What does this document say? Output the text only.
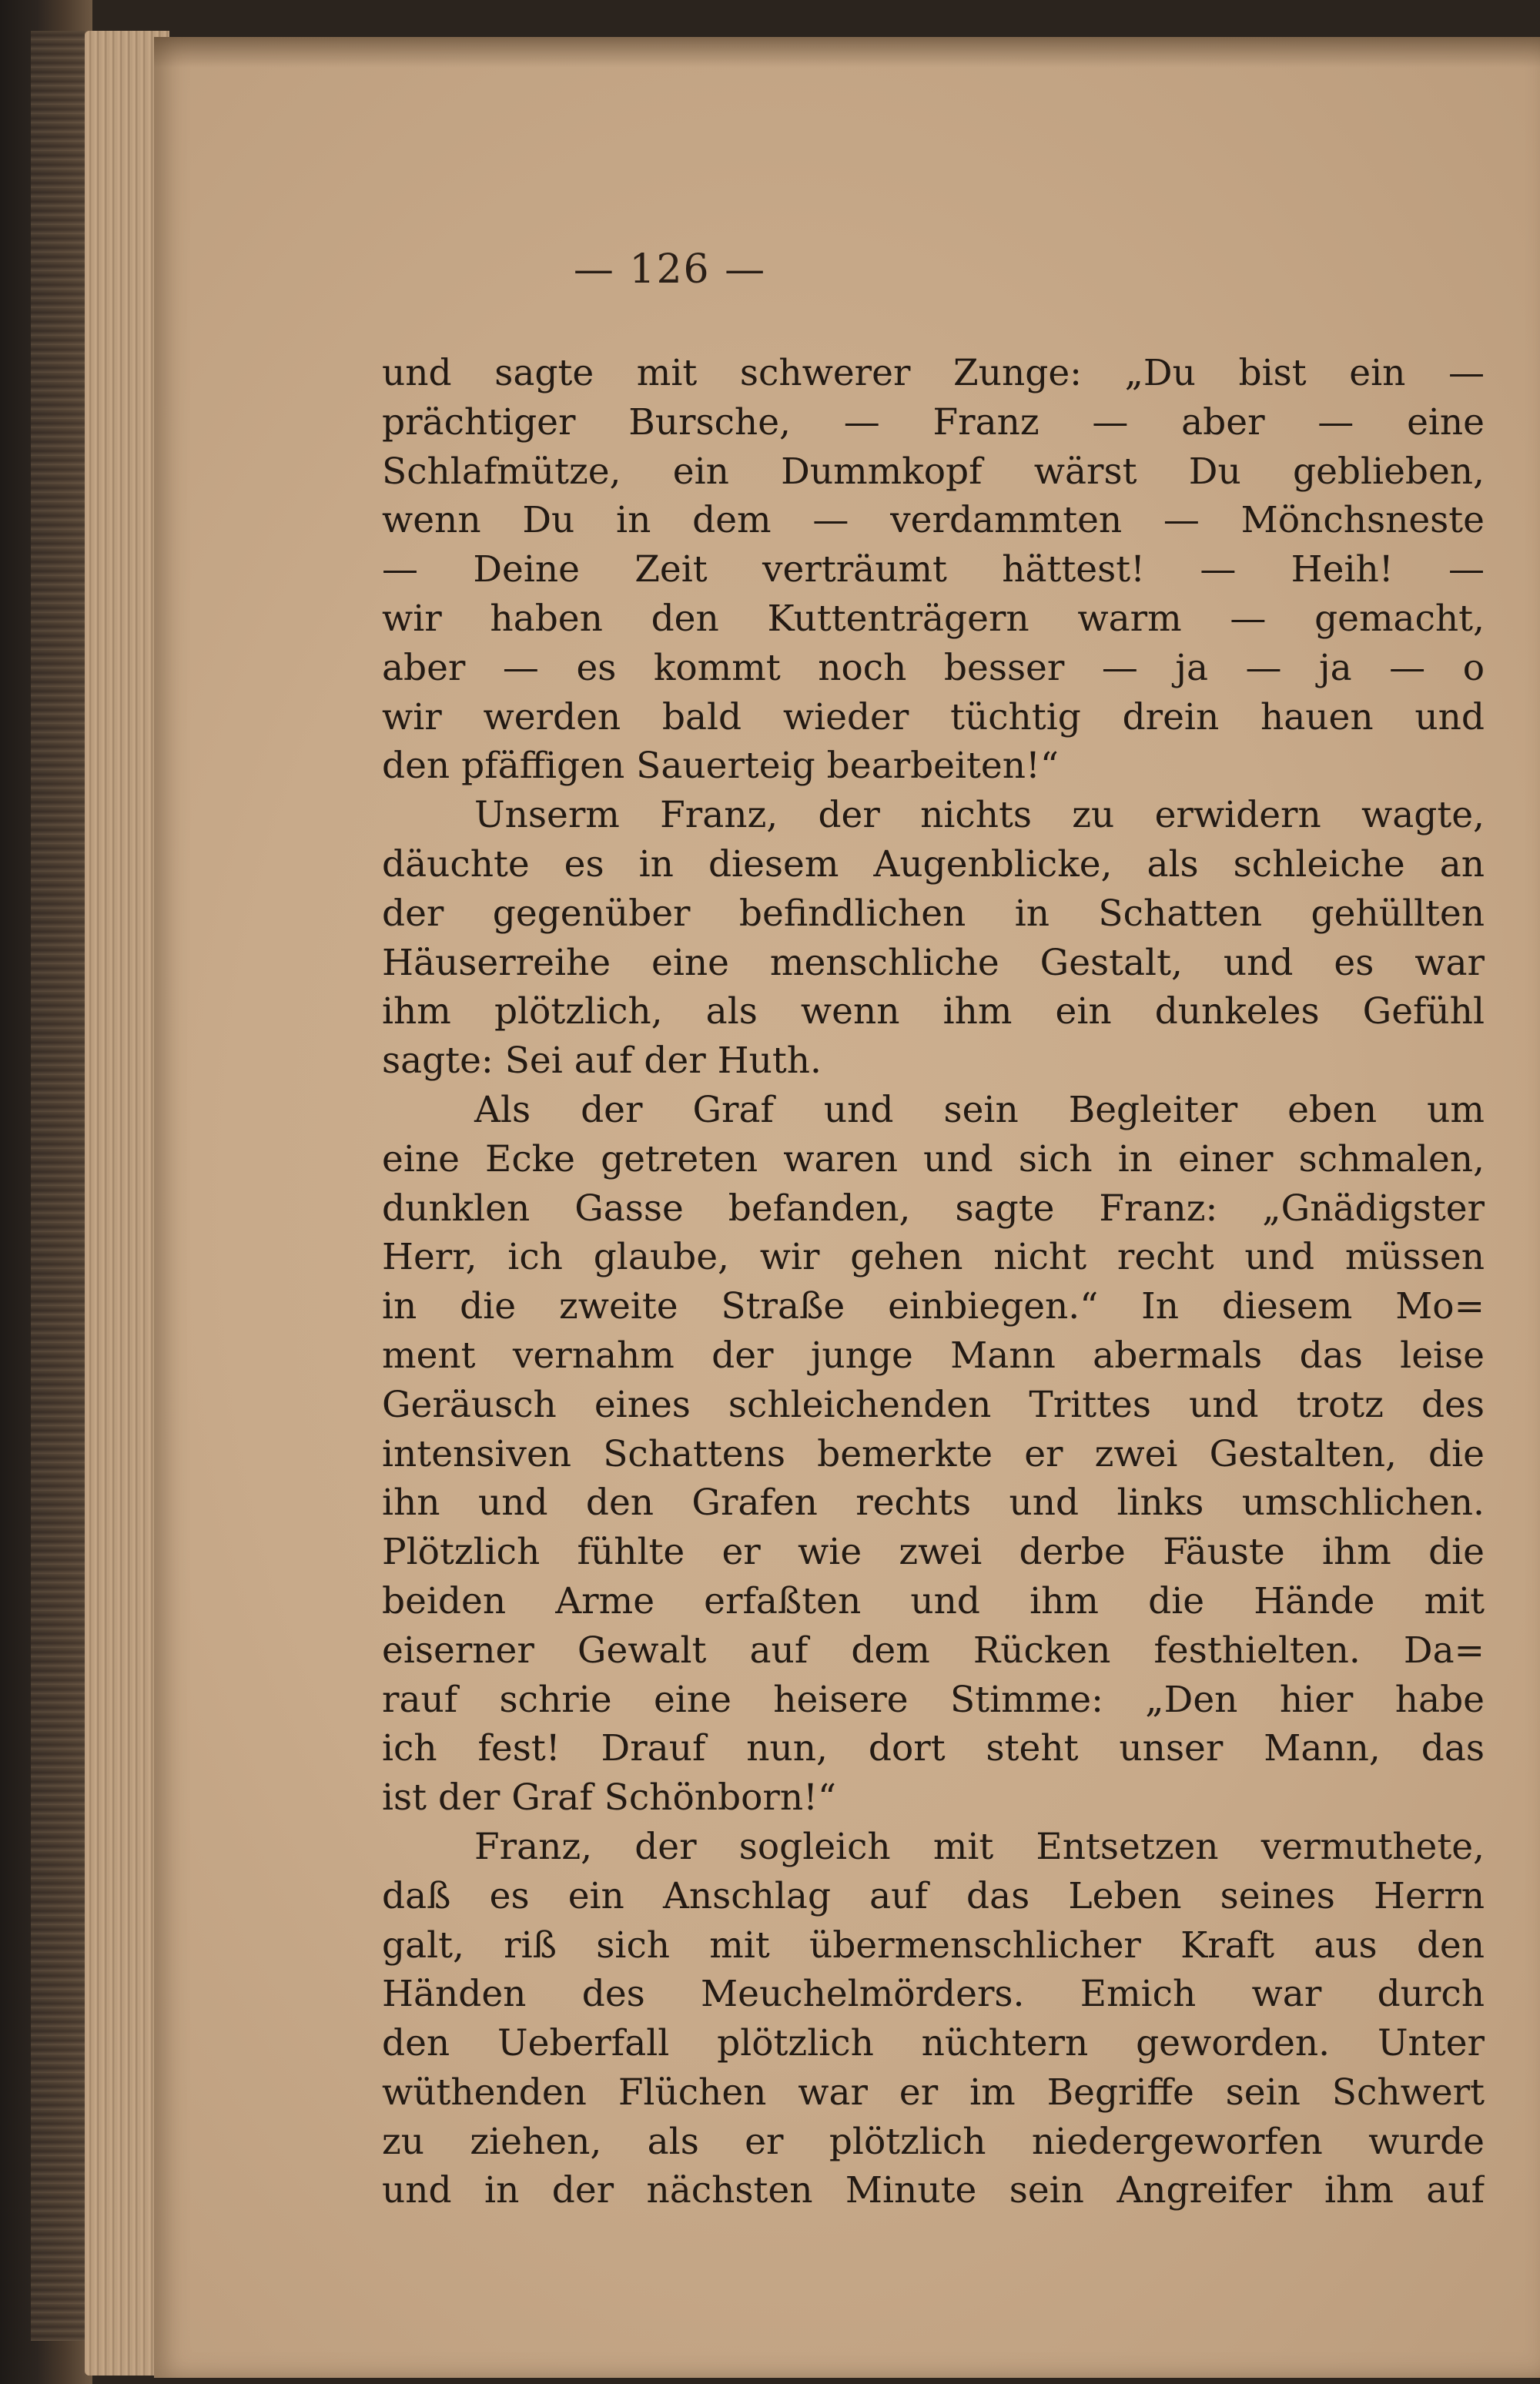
— 126 —
und sagte mit schwerer Zunge: „Du bist ein —
prächtiger Bursche, — Franz — aber — eine
Schlafmütze, ein Dummkopf wärst Du geblieben,
wenn Du in dem — verdammten — Mönchsneste
— Deine Zeit verträumt hättest! — Heih! —
wir haben den Kuttenträgern warm — gemacht,
aber — es kommt noch besser — ja — ja — o
wir werden bald wieder tüchtig drein hauen und
den pfäffigen Sauerteig bearbeiten!“
Unserm Franz, der nichts zu erwidern wagte,
däuchte es in diesem Augenblicke, als schleiche an
der gegenüber befindlichen in Schatten gehüllten
Häuserreihe eine menschliche Gestalt, und es war
ihm plötzlich, als wenn ihm ein dunkeles Gefühl
sagte: Sei auf der Huth.
Als der Graf und sein Begleiter eben um
eine Ecke getreten waren und sich in einer schmalen,
dunklen Gasse befanden, sagte Franz: „Gnädigster
Herr, ich glaube, wir gehen nicht recht und müssen
in die zweite Straße einbiegen.“ In diesem Mo=
ment vernahm der junge Mann abermals das leise
Geräusch eines schleichenden Trittes und trotz des
intensiven Schattens bemerkte er zwei Gestalten, die
ihn und den Grafen rechts und links umschlichen.
Plötzlich fühlte er wie zwei derbe Fäuste ihm die
beiden Arme erfaßten und ihm die Hände mit
eiserner Gewalt auf dem Rücken festhielten. Da=
rauf schrie eine heisere Stimme: „Den hier habe
ich fest! Drauf nun, dort steht unser Mann, das
ist der Graf Schönborn!“
Franz, der sogleich mit Entsetzen vermuthete,
daß es ein Anschlag auf das Leben seines Herrn
galt, riß sich mit übermenschlicher Kraft aus den
Händen des Meuchelmörders. Emich war durch
den Ueberfall plötzlich nüchtern geworden. Unter
wüthenden Flüchen war er im Begriffe sein Schwert
zu ziehen, als er plötzlich niedergeworfen wurde
und in der nächsten Minute sein Angreifer ihm auf
